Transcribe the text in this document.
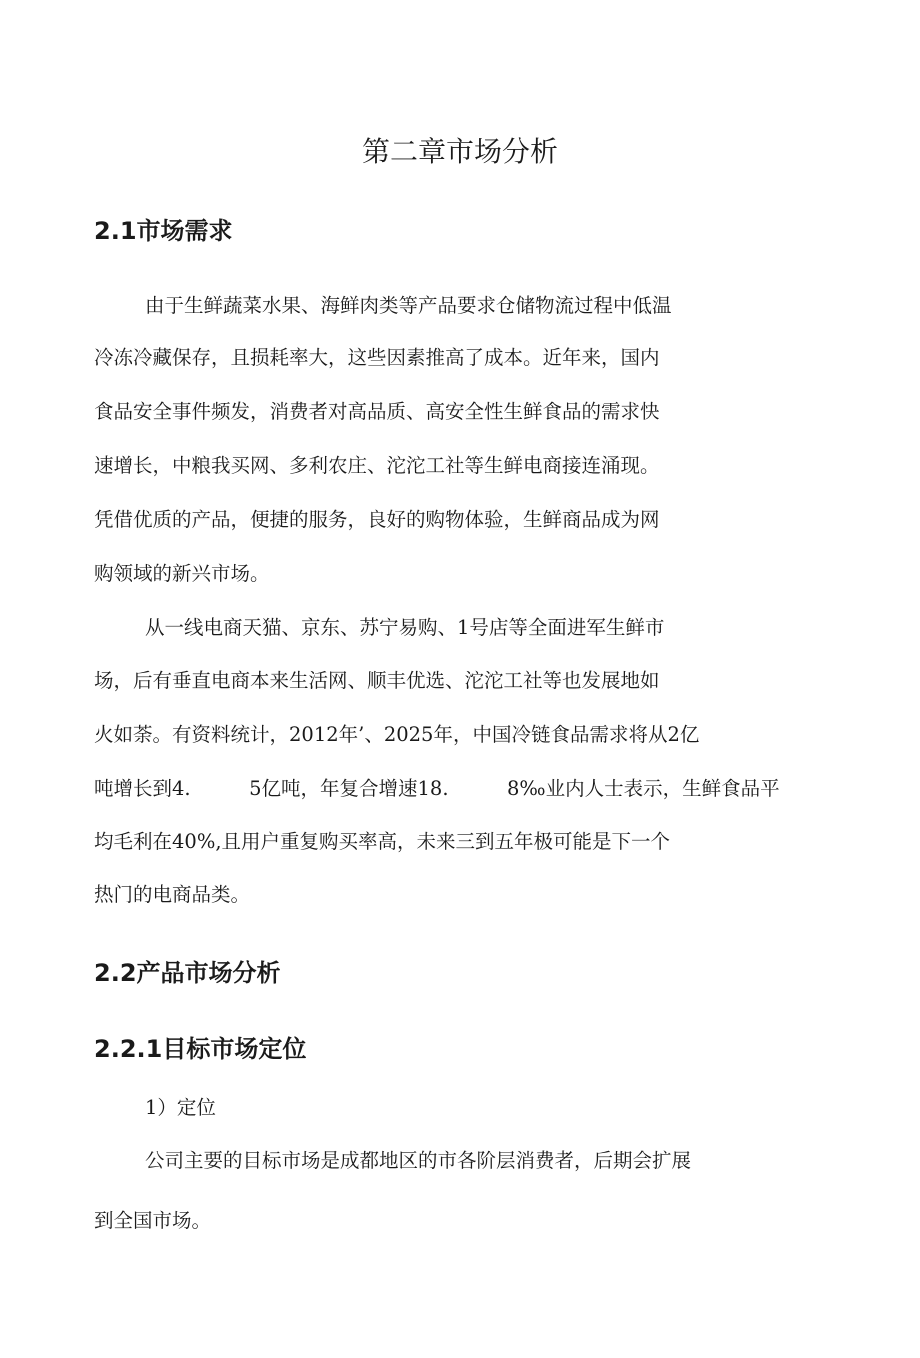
第二章市场分析
2.1市场需求
由于生鲜蔬菜水果、海鲜肉类等产品要求仓储物流过程中低温
冷冻冷藏保存，且损耗率大，这些因素推高了成本。近年来，国内
食品安全事件频发，消费者对高品质、高安全性生鲜食品的需求快
速增长，中粮我买网、多利农庄、沱沱工社等生鲜电商接连涌现。
凭借优质的产品，便捷的服务，良好的购物体验，生鲜商品成为网
购领域的新兴市场。
从一线电商天猫、京东、苏宁易购、1号店等全面进军生鲜市
场，后有垂直电商本来生活网、顺丰优选、沱沱工社等也发展地如
火如荼。有资料统计，2012年’、2025年，中国冷链食品需求将从2亿
吨增长到4.　　　5亿吨，年复合增速18.　　　8‰业内人士表示，生鲜食品平
均毛利在40%,且用户重复购买率高，未来三到五年极可能是下一个
热门的电商品类。
2.2产品市场分析
2.2.1目标市场定位
1）定位
公司主要的目标市场是成都地区的市各阶层消费者，后期会扩展
到全国市场。
